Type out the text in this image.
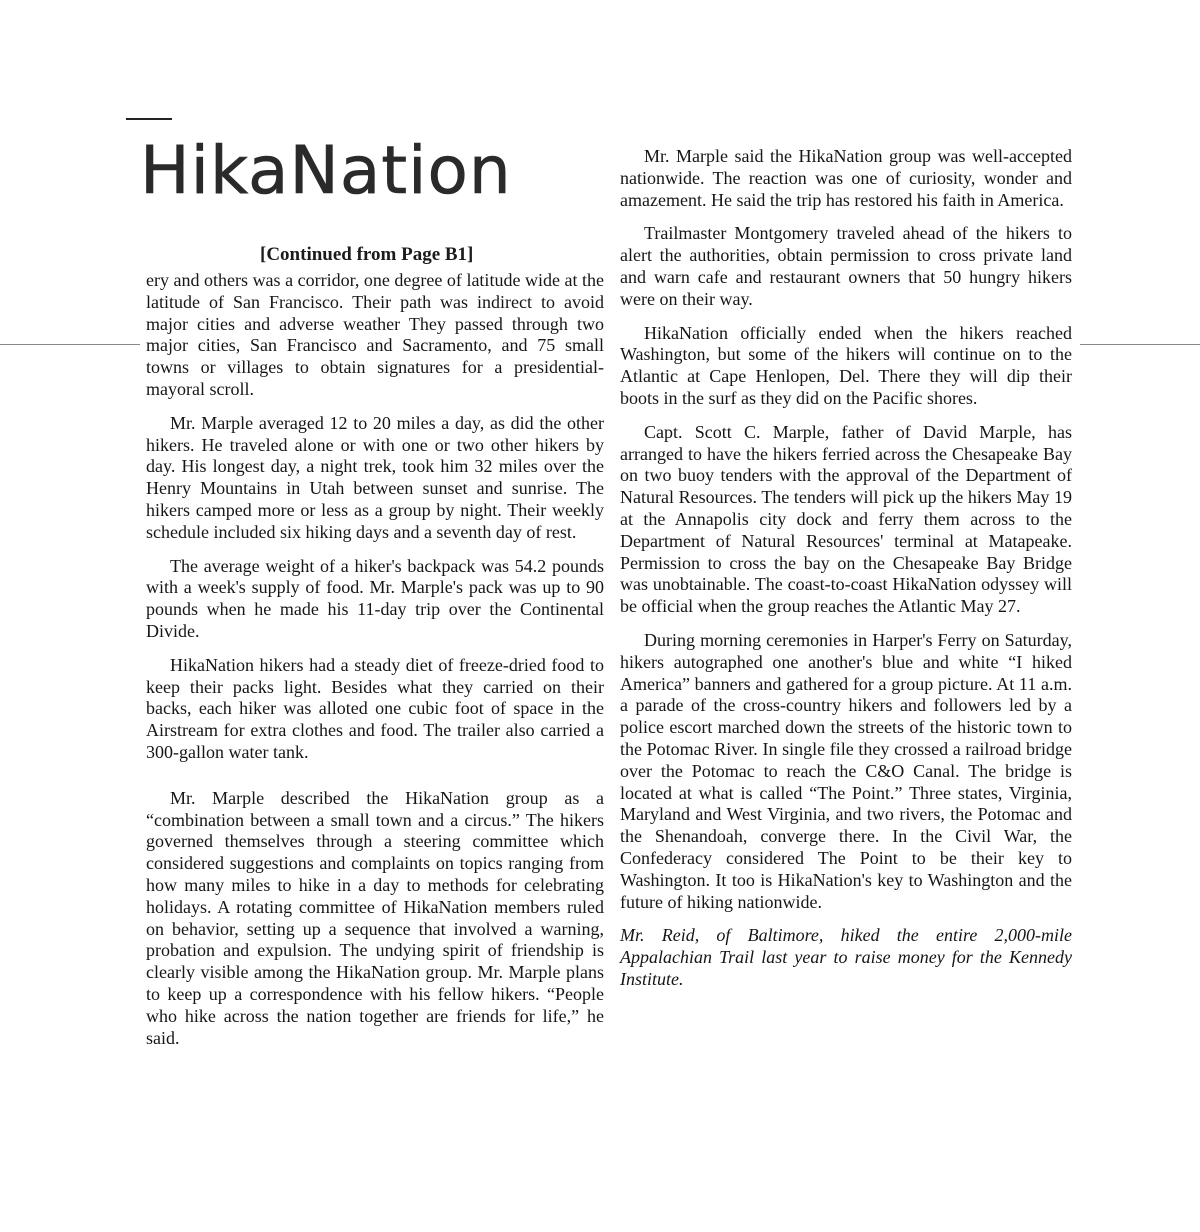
HikaNation
[Continued from Page B1]

ery and others was a corridor, one degree of latitude wide at the latitude of San Francisco. Their path was indirect to avoid major cities and adverse weather They passed through two major cities, San Francisco and Sacramento, and 75 small towns or villages to obtain signatures for a presidential-mayoral scroll.

Mr. Marple averaged 12 to 20 miles a day, as did the other hikers. He traveled alone or with one or two other hikers by day. His longest day, a night trek, took him 32 miles over the Henry Mountains in Utah between sunset and sunrise. The hikers camped more or less as a group by night. Their weekly schedule included six hiking days and a seventh day of rest.

The average weight of a hiker's backpack was 54.2 pounds with a week's supply of food. Mr. Marple's pack was up to 90 pounds when he made his 11-day trip over the Continental Divide.

HikaNation hikers had a steady diet of freeze-dried food to keep their packs light. Besides what they carried on their backs, each hiker was alloted one cubic foot of space in the Airstream for extra clothes and food. The trailer also carried a 300-gallon water tank.

Mr. Marple described the HikaNation group as a “combination between a small town and a circus.” The hikers governed themselves through a steering committee which considered suggestions and complaints on topics ranging from how many miles to hike in a day to methods for celebrating holidays. A rotating committee of HikaNation members ruled on behavior, setting up a sequence that involved a warning, probation and expulsion. The undying spirit of friendship is clearly visible among the HikaNation group. Mr. Marple plans to keep up a correspondence with his fellow hikers. “People who hike across the nation together are friends for life,” he said.

Mr. Marple said the HikaNation group was well-accepted nationwide. The reaction was one of curiosity, wonder and amazement. He said the trip has restored his faith in America.

Trailmaster Montgomery traveled ahead of the hikers to alert the authorities, obtain permission to cross private land and warn cafe and restaurant owners that 50 hungry hikers were on their way.

HikaNation officially ended when the hikers reached Washington, but some of the hikers will continue on to the Atlantic at Cape Henlopen, Del. There they will dip their boots in the surf as they did on the Pacific shores.

Capt. Scott C. Marple, father of David Marple, has arranged to have the hikers ferried across the Chesapeake Bay on two buoy tenders with the approval of the Department of Natural Resources. The tenders will pick up the hikers May 19 at the Annapolis city dock and ferry them across to the Department of Natural Resources' terminal at Matapeake. Permission to cross the bay on the Chesapeake Bay Bridge was unobtainable. The coast-to-coast HikaNation odyssey will be official when the group reaches the Atlantic May 27.

During morning ceremonies in Harper's Ferry on Saturday, hikers autographed one another's blue and white “I hiked America” banners and gathered for a group picture. At 11 a.m. a parade of the cross-country hikers and followers led by a police escort marched down the streets of the historic town to the Potomac River. In single file they crossed a railroad bridge over the Potomac to reach the C&O Canal. The bridge is located at what is called “The Point.” Three states, Virginia, Maryland and West Virginia, and two rivers, the Potomac and the Shenandoah, converge there. In the Civil War, the Confederacy considered The Point to be their key to Washington. It too is HikaNation's key to Washington and the future of hiking nationwide.

Mr. Reid, of Baltimore, hiked the entire 2,000-mile Appalachian Trail last year to raise money for the Kennedy Institute.
